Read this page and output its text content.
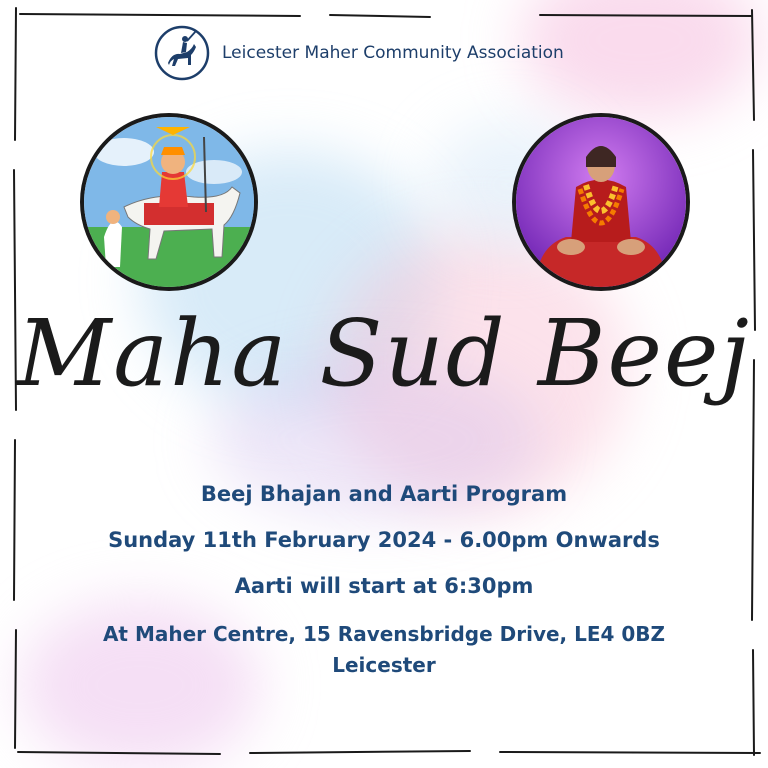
Leicester Maher Community Association
Maha Sud Beej
Beej Bhajan and Aarti Program
Sunday 11th February 2024 - 6.00pm Onwards
Aarti will start at 6:30pm
At Maher Centre, 15 Ravensbridge Drive, LE4 0BZ
Leicester
